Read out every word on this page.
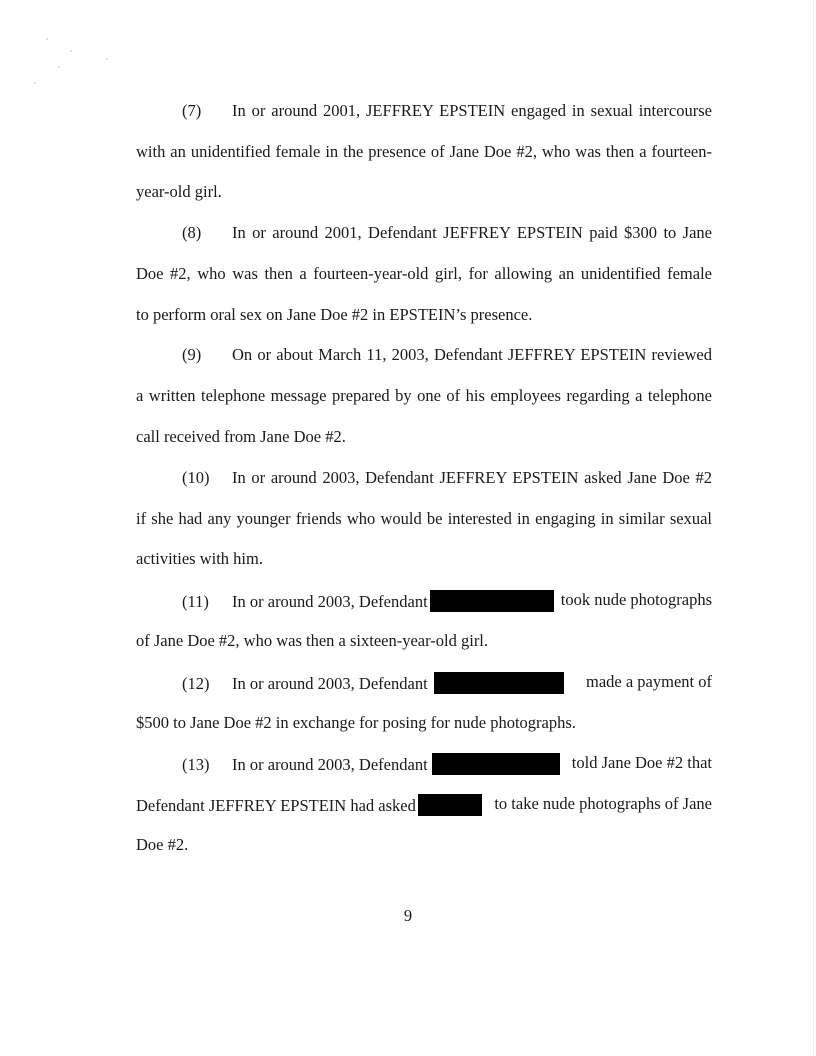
(7) In or around 2001, JEFFREY EPSTEIN engaged in sexual intercourse
with an unidentified female in the presence of Jane Doe #2, who was then a fourteen-
year-old girl.
(8) In or around 2001, Defendant JEFFREY EPSTEIN paid $300 to Jane
Doe #2, who was then a fourteen-year-old girl, for allowing an unidentified female
to perform oral sex on Jane Doe #2 in EPSTEIN’s presence.
(9) On or about March 11, 2003, Defendant JEFFREY EPSTEIN reviewed
a written telephone message prepared by one of his employees regarding a telephone
call received from Jane Doe #2.
(10) In or around 2003, Defendant JEFFREY EPSTEIN asked Jane Doe #2
if she had any younger friends who would be interested in engaging in similar sexual
activities with him.
(11) In or around 2003, Defendant	took nude photographs
of Jane Doe #2, who was then a sixteen-year-old girl.
(12) In or around 2003, Defendant	made a payment of
$500 to Jane Doe #2 in exchange for posing for nude photographs.
(13) In or around 2003, Defendant	told Jane Doe #2 that
Defendant JEFFREY EPSTEIN had asked	to take nude photographs of Jane
Doe #2.
9
